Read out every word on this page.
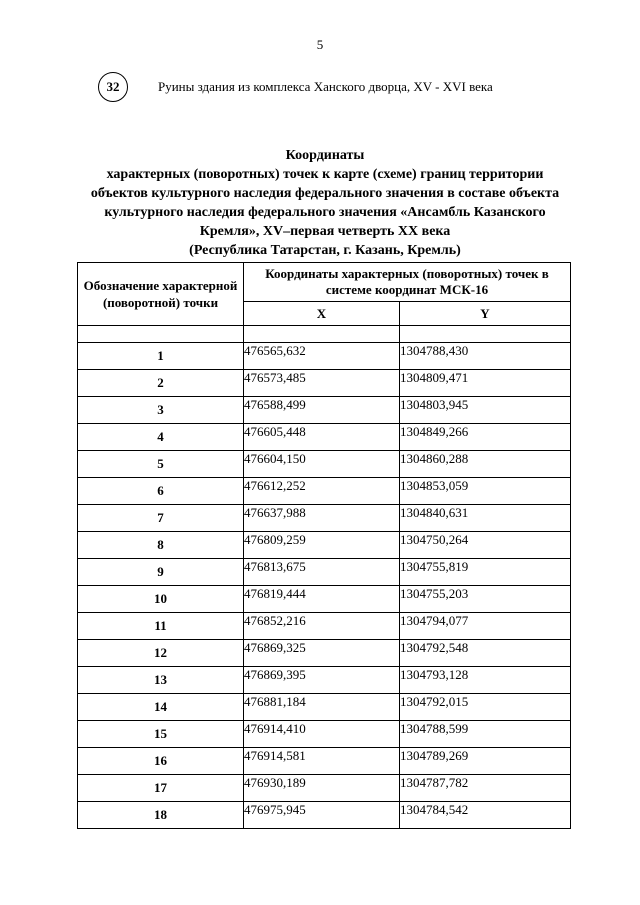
5
32	Руины здания из комплекса Ханского дворца, XV - XVI века
Координаты
характерных (поворотных) точек к карте (схеме) границ территории
объектов культурного наследия федерального значения в составе объекта
культурного наследия федерального значения «Ансамбль Казанского
Кремля», XV–первая четверть XX века
(Республика Татарстан, г. Казань, Кремль)
Обозначение характерной (поворотной) точки	Координаты характерных (поворотных) точек в системе координат МСК-16	
	X	Y

1	476565,632	1304788,430
2	476573,485	1304809,471
3	476588,499	1304803,945
4	476605,448	1304849,266
5	476604,150	1304860,288
6	476612,252	1304853,059
7	476637,988	1304840,631
8	476809,259	1304750,264
9	476813,675	1304755,819
10	476819,444	1304755,203
11	476852,216	1304794,077
12	476869,325	1304792,548
13	476869,395	1304793,128
14	476881,184	1304792,015
15	476914,410	1304788,599
16	476914,581	1304789,269
17	476930,189	1304787,782
18	476975,945	1304784,542
